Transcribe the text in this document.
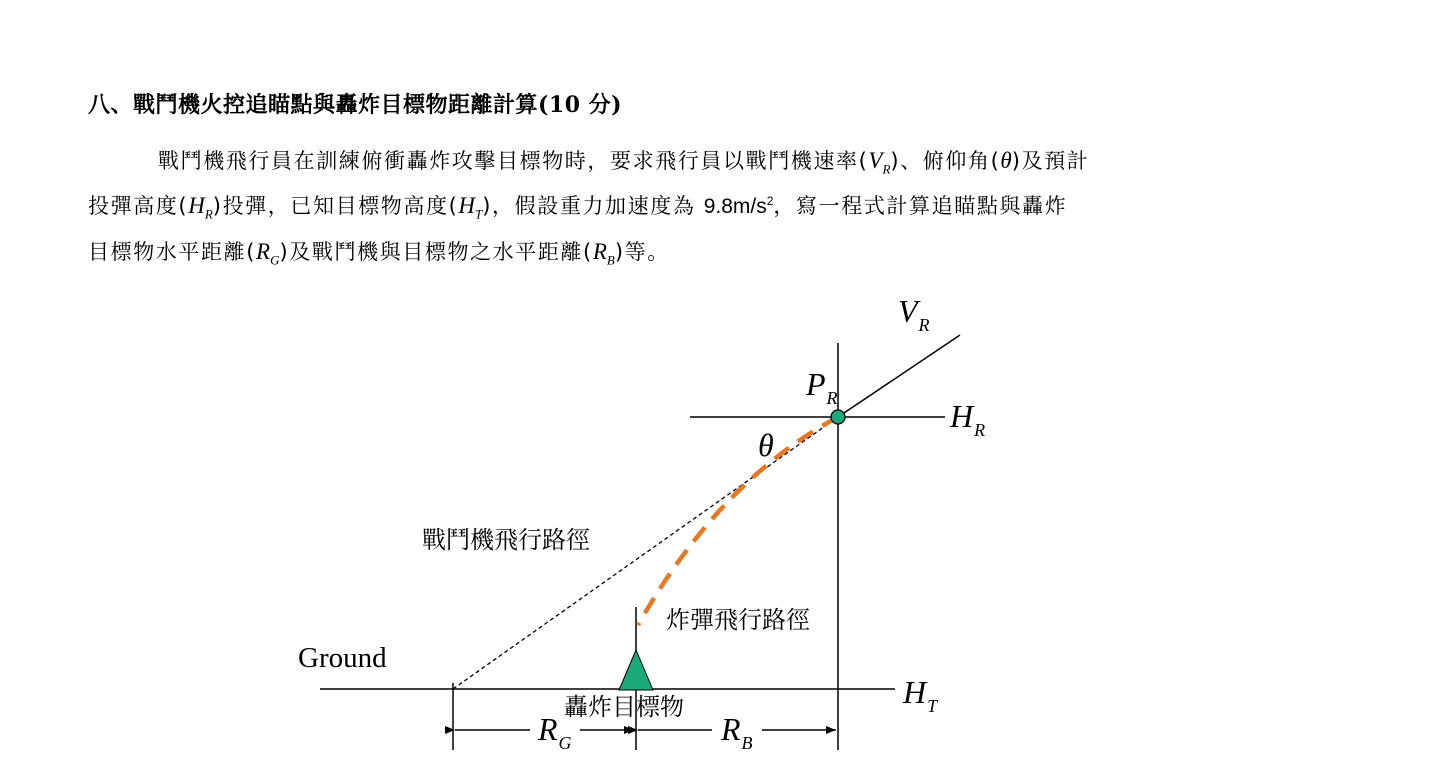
八、戰鬥機火控追瞄點與轟炸目標物距離計算(10 分)
戰鬥機飛行員在訓練俯衝轟炸攻擊目標物時，要求飛行員以戰鬥機速率$(V_R)$、俯仰角(θ)及預計
投彈高度$(H_R)$投彈，已知目標物高度$(H_T)$，假設重力加速度為 $9.8m/s^2$，寫一程式計算追瞄點與轟炸
目標物水平距離$(R_G)$及戰鬥機與目標物之水平距離$(R_B)$等。
$V_R$
$P_R$	$H_R$
θ
戰鬥機飛行路徑
炸彈飛行路徑
Ground
$H_T$
轟炸目標物
$R_G$	$R_B$
